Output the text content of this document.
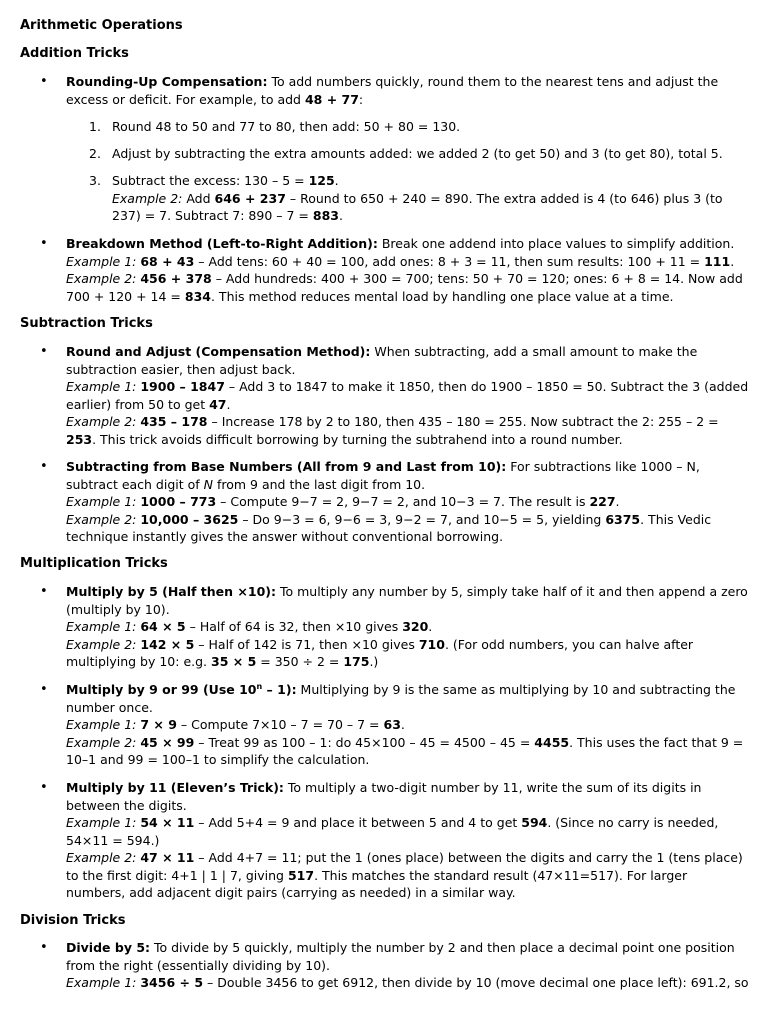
Arithmetic Operations
Addition Tricks
• Rounding-Up Compensation: To add numbers quickly, round them to the nearest tens and adjust the excess or deficit. For example, to add 48 + 77:
1. Round 48 to 50 and 77 to 80, then add: 50 + 80 = 130.
2. Adjust by subtracting the extra amounts added: we added 2 (to get 50) and 3 (to get 80), total 5.
3. Subtract the excess: 130 – 5 = 125.

Example 2: Add 646 + 237 – Round to 650 + 240 = 890. The extra added is 4 (to 646) plus 3 (to 237) = 7. Subtract 7: 890 – 7 = 883.

• Breakdown Method (Left-to-Right Addition): Break one addend into place values to simplify addition. Example 1: 68 + 43 – Add tens: 60 + 40 = 100, add ones: 8 + 3 = 11, then sum results: 100 + 11 = 111. Example 2: 456 + 378 – Add hundreds: 400 + 300 = 700; tens: 50 + 70 = 120; ones: 6 + 8 = 14. Now add 700 + 120 + 14 = 834. This method reduces mental load by handling one place value at a time.
Subtraction Tricks
• Round and Adjust (Compensation Method): When subtracting, add a small amount to make the subtraction easier, then adjust back.

Example 1: 1900 – 1847 – Add 3 to 1847 to make it 1850, then do 1900 – 1850 = 50. Subtract the 3 (added earlier) from 50 to get 47.

Example 2: 435 – 178 – Increase 178 by 2 to 180, then 435 – 180 = 255. Now subtract the 2: 255 – 2 = 253. This trick avoids difficult borrowing by turning the subtrahend into a round number.

• Subtracting from Base Numbers (All from 9 and Last from 10): For subtractions like 1000 – N, subtract each digit of N from 9 and the last digit from 10.

Example 1: 1000 – 773 – Compute 9−7 = 2, 9−7 = 2, and 10−3 = 7. The result is 227.

Example 2: 10,000 – 3625 – Do 9−3 = 6, 9−6 = 3, 9−2 = 7, and 10−5 = 5, yielding 6375. This Vedic technique instantly gives the answer without conventional borrowing.

Multiplication Tricks
• Multiply by 5 (Half then ×10): To multiply any number by 5, simply take half of it and then append a zero (multiply by 10).

Example 1: 64 × 5 – Half of 64 is 32, then ×10 gives 320.

Example 2: 142 × 5 – Half of 142 is 71, then ×10 gives 710. (For odd numbers, you can halve after multiplying by 10: e.g. 35 × 5 = 350 ÷ 2 = 175.)

• Multiply by 9 or 99 (Use 10$^n$ – 1): Multiplying by 9 is the same as multiplying by 10 and subtracting the number once.

Example 1: 7 × 9 – Compute 7×10 – 7 = 70 – 7 = 63.

Example 2: 45 × 99 – Treat 99 as 100 – 1: do 45×100 – 45 = 4500 – 45 = 4455. This uses the fact that 9 = 10–1 and 99 = 100–1 to simplify the calculation.

• Multiply by 11 (Eleven’s Trick): To multiply a two-digit number by 11, write the sum of its digits in between the digits.

Example 1: 54 × 11 – Add 5+4 = 9 and place it between 5 and 4 to get 594. (Since no carry is needed, 54×11 = 594.)

Example 2: 47 × 11 – Add 4+7 = 11; put the 1 (ones place) between the digits and carry the 1 (tens place) to the first digit: 4+1 | 1 | 7, giving 517. This matches the standard result (47×11=517). For larger numbers, add adjacent digit pairs (carrying as needed) in a similar way.

Division Tricks
• Divide by 5: To divide by 5 quickly, multiply the number by 2 and then place a decimal point one position from the right (essentially dividing by 10).

Example 1: 3456 ÷ 5 – Double 3456 to get 6912, then divide by 10 (move decimal one place left): 691.2, so
